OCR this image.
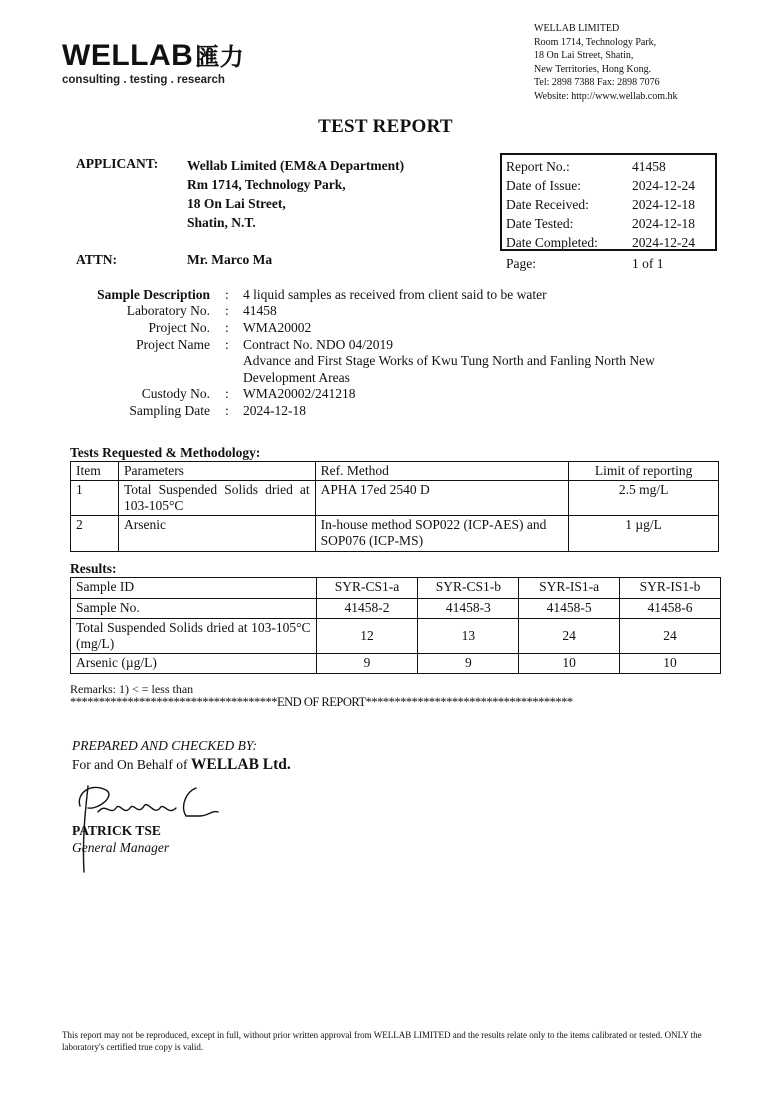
WELLAB匯力
consulting . testing . research
WELLAB LIMITED
Room 1714, Technology Park,
18 On Lai Street, Shatin,
New Territories, Hong Kong.
Tel: 2898 7388 Fax: 2898 7076
Website: http://www.wellab.com.hk
TEST REPORT
APPLICANT: Wellab Limited (EM&A Department)
Rm 1714, Technology Park,
18 On Lai Street,
Shatin, N.T.
ATTN:	Mr. Marco Ma
Report No.:	41458
Date of Issue:	2024-12-24
Date Received:	2024-12-18
Date Tested:	2024-12-18
Date Completed:	2024-12-24
Page:	1 of 1
Sample Description : 4 liquid samples as received from client said to be water
Laboratory No. : 41458
Project No. : WMA20002
Project Name : Contract No. NDO 04/2019
Advance and First Stage Works of Kwu Tung North and Fanling North New
Development Areas
Custody No. : WMA20002/241218
Sampling Date : 2024-12-18
Tests Requested & Methodology:
Item	Parameters	Ref. Method	Limit of reporting
1	Total Suspended Solids dried at 103-105°C	APHA 17ed 2540 D	2.5 mg/L
2	Arsenic	In-house method SOP022 (ICP-AES) and SOP076 (ICP-MS)	1 µg/L
Results:
Sample ID	SYR-CS1-a	SYR-CS1-b	SYR-IS1-a	SYR-IS1-b
Sample No.	41458-2	41458-3	41458-5	41458-6
Total Suspended Solids dried at 103-105°C (mg/L)	12	13	24	24
Arsenic (µg/L)	9	9	10	10
Remarks: 1) < = less than
************************************END OF REPORT************************************
PREPARED AND CHECKED BY:
For and On Behalf of WELLAB Ltd.
PATRICK TSE
General Manager
This report may not be reproduced, except in full, without prior written approval from WELLAB LIMITED and the results relate only to the items calibrated or tested. ONLY the laboratory's certified true copy is valid.
